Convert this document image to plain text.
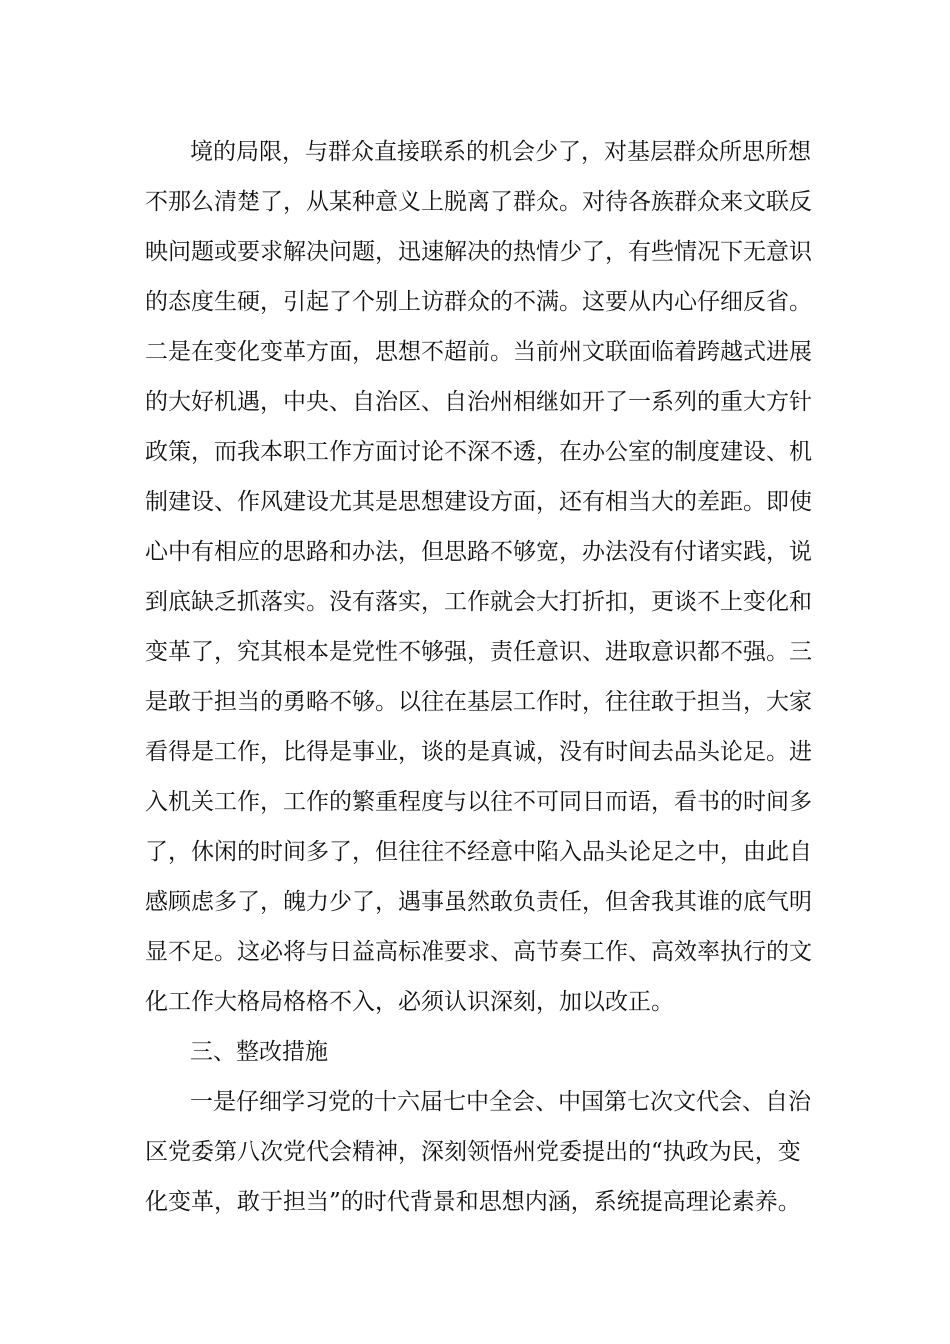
境的局限，与群众直接联系的机会少了，对基层群众所思所想
不那么清楚了，从某种意义上脱离了群众。对待各族群众来文联反
映问题或要求解决问题，迅速解决的热情少了，有些情况下无意识
的态度生硬，引起了个别上访群众的不满。这要从内心仔细反省。
二是在变化变革方面，思想不超前。当前州文联面临着跨越式进展
的大好机遇，中央、自治区、自治州相继如开了一系列的重大方针
政策，而我本职工作方面讨论不深不透，在办公室的制度建设、机
制建设、作风建设尤其是思想建设方面，还有相当大的差距。即使
心中有相应的思路和办法，但思路不够宽，办法没有付诸实践，说
到底缺乏抓落实。没有落实，工作就会大打折扣，更谈不上变化和
变革了，究其根本是党性不够强，责任意识、进取意识都不强。三
是敢于担当的勇略不够。以往在基层工作时，往往敢于担当，大家
看得是工作，比得是事业，谈的是真诚，没有时间去品头论足。进
入机关工作，工作的繁重程度与以往不可同日而语，看书的时间多
了，休闲的时间多了，但往往不经意中陷入品头论足之中，由此自
感顾虑多了，魄力少了，遇事虽然敢负责任，但舍我其谁的底气明
显不足。这必将与日益高标准要求、高节奏工作、高效率执行的文
化工作大格局格格不入，必须认识深刻，加以改正。
三、整改措施
一是仔细学习党的十六届七中全会、中国第七次文代会、自治
区党委第八次党代会精神，深刻领悟州党委提出的“执政为民，变
化变革，敢于担当”的时代背景和思想内涵，系统提高理论素养。
